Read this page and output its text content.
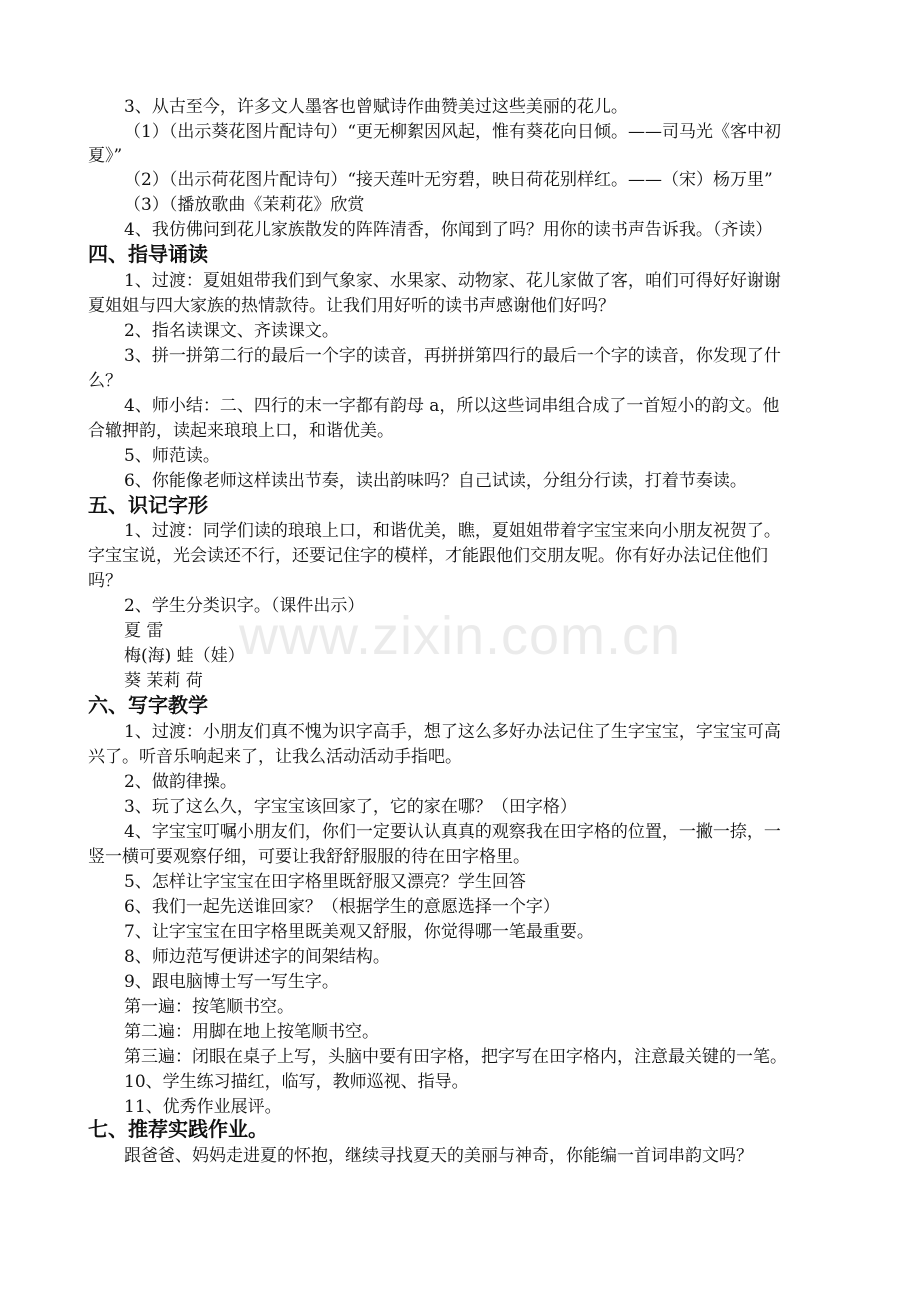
www.zixin.com.cn
3、从古至今，许多文人墨客也曾赋诗作曲赞美过这些美丽的花儿。
（1）（出示葵花图片配诗句）“更无柳絮因风起，惟有葵花向日倾。——司马光《客中初
夏》”
（2）（出示荷花图片配诗句）“接天莲叶无穷碧，映日荷花别样红。——（宋）杨万里”
（3）（播放歌曲《茉莉花》欣赏
4、我仿佛问到花儿家族散发的阵阵清香，你闻到了吗？用你的读书声告诉我。（齐读）
四、指导诵读
1、过渡：夏姐姐带我们到气象家、水果家、动物家、花儿家做了客，咱们可得好好谢谢
夏姐姐与四大家族的热情款待。让我们用好听的读书声感谢他们好吗？
2、指名读课文、齐读课文。
3、拼一拼第二行的最后一个字的读音，再拼拼第四行的最后一个字的读音，你发现了什
么？
4、师小结：二、四行的末一字都有韵母 a，所以这些词串组合成了一首短小的韵文。他
合辙押韵，读起来琅琅上口，和谐优美。
5、师范读。
6、你能像老师这样读出节奏，读出韵味吗？自己试读，分组分行读，打着节奏读。
五、识记字形
1、过渡：同学们读的琅琅上口，和谐优美，瞧，夏姐姐带着字宝宝来向小朋友祝贺了。
字宝宝说，光会读还不行，还要记住字的模样，才能跟他们交朋友呢。你有好办法记住他们
吗？
2、学生分类识字。（课件出示）
夏 雷
梅(海) 蛙（娃）
葵 茉莉 荷
六、写字教学
1、过渡：小朋友们真不愧为识字高手，想了这么多好办法记住了生字宝宝，字宝宝可高
兴了。听音乐响起来了，让我么活动活动手指吧。
2、做韵律操。
3、玩了这么久，字宝宝该回家了，它的家在哪？（田字格）
4、字宝宝叮嘱小朋友们，你们一定要认认真真的观察我在田字格的位置，一撇一捺，一
竖一横可要观察仔细，可要让我舒舒服服的待在田字格里。
5、怎样让字宝宝在田字格里既舒服又漂亮？学生回答
6、我们一起先送谁回家？（根据学生的意愿选择一个字）
7、让字宝宝在田字格里既美观又舒服，你觉得哪一笔最重要。
8、师边范写便讲述字的间架结构。
9、跟电脑博士写一写生字。
第一遍：按笔顺书空。
第二遍：用脚在地上按笔顺书空。
第三遍：闭眼在桌子上写，头脑中要有田字格，把字写在田字格内，注意最关键的一笔。
10、学生练习描红，临写，教师巡视、指导。
11、优秀作业展评。
七、推荐实践作业。
跟爸爸、妈妈走进夏的怀抱，继续寻找夏天的美丽与神奇，你能编一首词串韵文吗？
